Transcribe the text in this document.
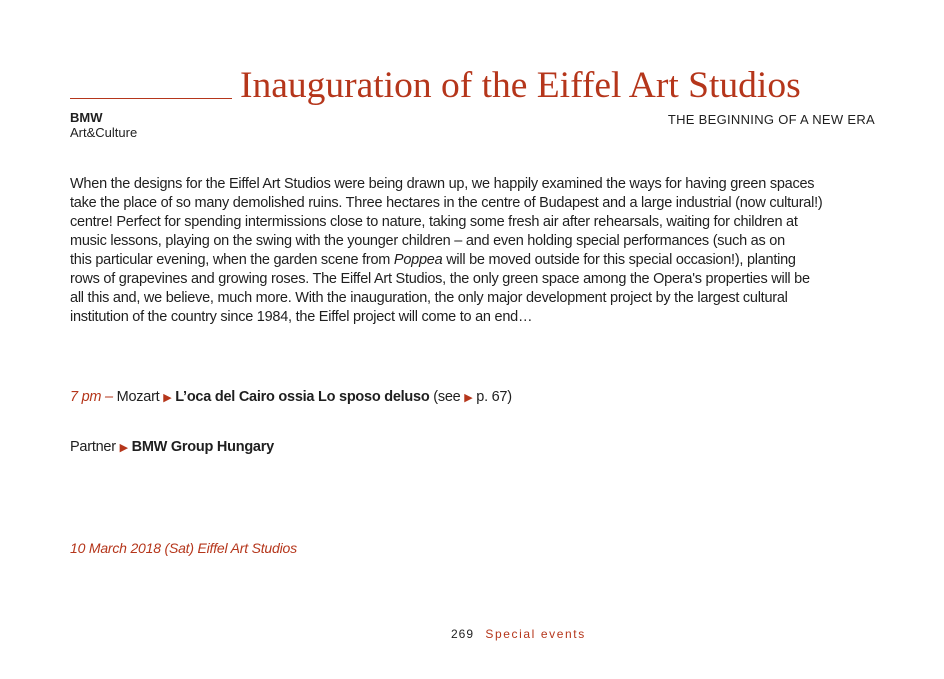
Inauguration of the Eiffel Art Studios
BMW
Art&Culture
THE BEGINNING OF A NEW ERA
When the designs for the Eiffel Art Studios were being drawn up, we happily examined the ways for having green spaces
take the place of so many demolished ruins. Three hectares in the centre of Budapest and a large industrial (now cultural!)
centre! Perfect for spending intermissions close to nature, taking some fresh air after rehearsals, waiting for children at
music lessons, playing on the swing with the younger children – and even holding special performances (such as on
this particular evening, when the garden scene from Poppea will be moved outside for this special occasion!), planting
rows of grapevines and growing roses. The Eiffel Art Studios, the only green space among the Opera's properties will be
all this and, we believe, much more. With the inauguration, the only major development project by the largest cultural
institution of the country since 1984, the Eiffel project will come to an end…
7 pm – Mozart ▶ L’oca del Cairo ossia Lo sposo deluso (see ▶ p. 67)
Partner ▶ BMW Group Hungary
10 March 2018 (Sat) Eiffel Art Studios
269 Special events
